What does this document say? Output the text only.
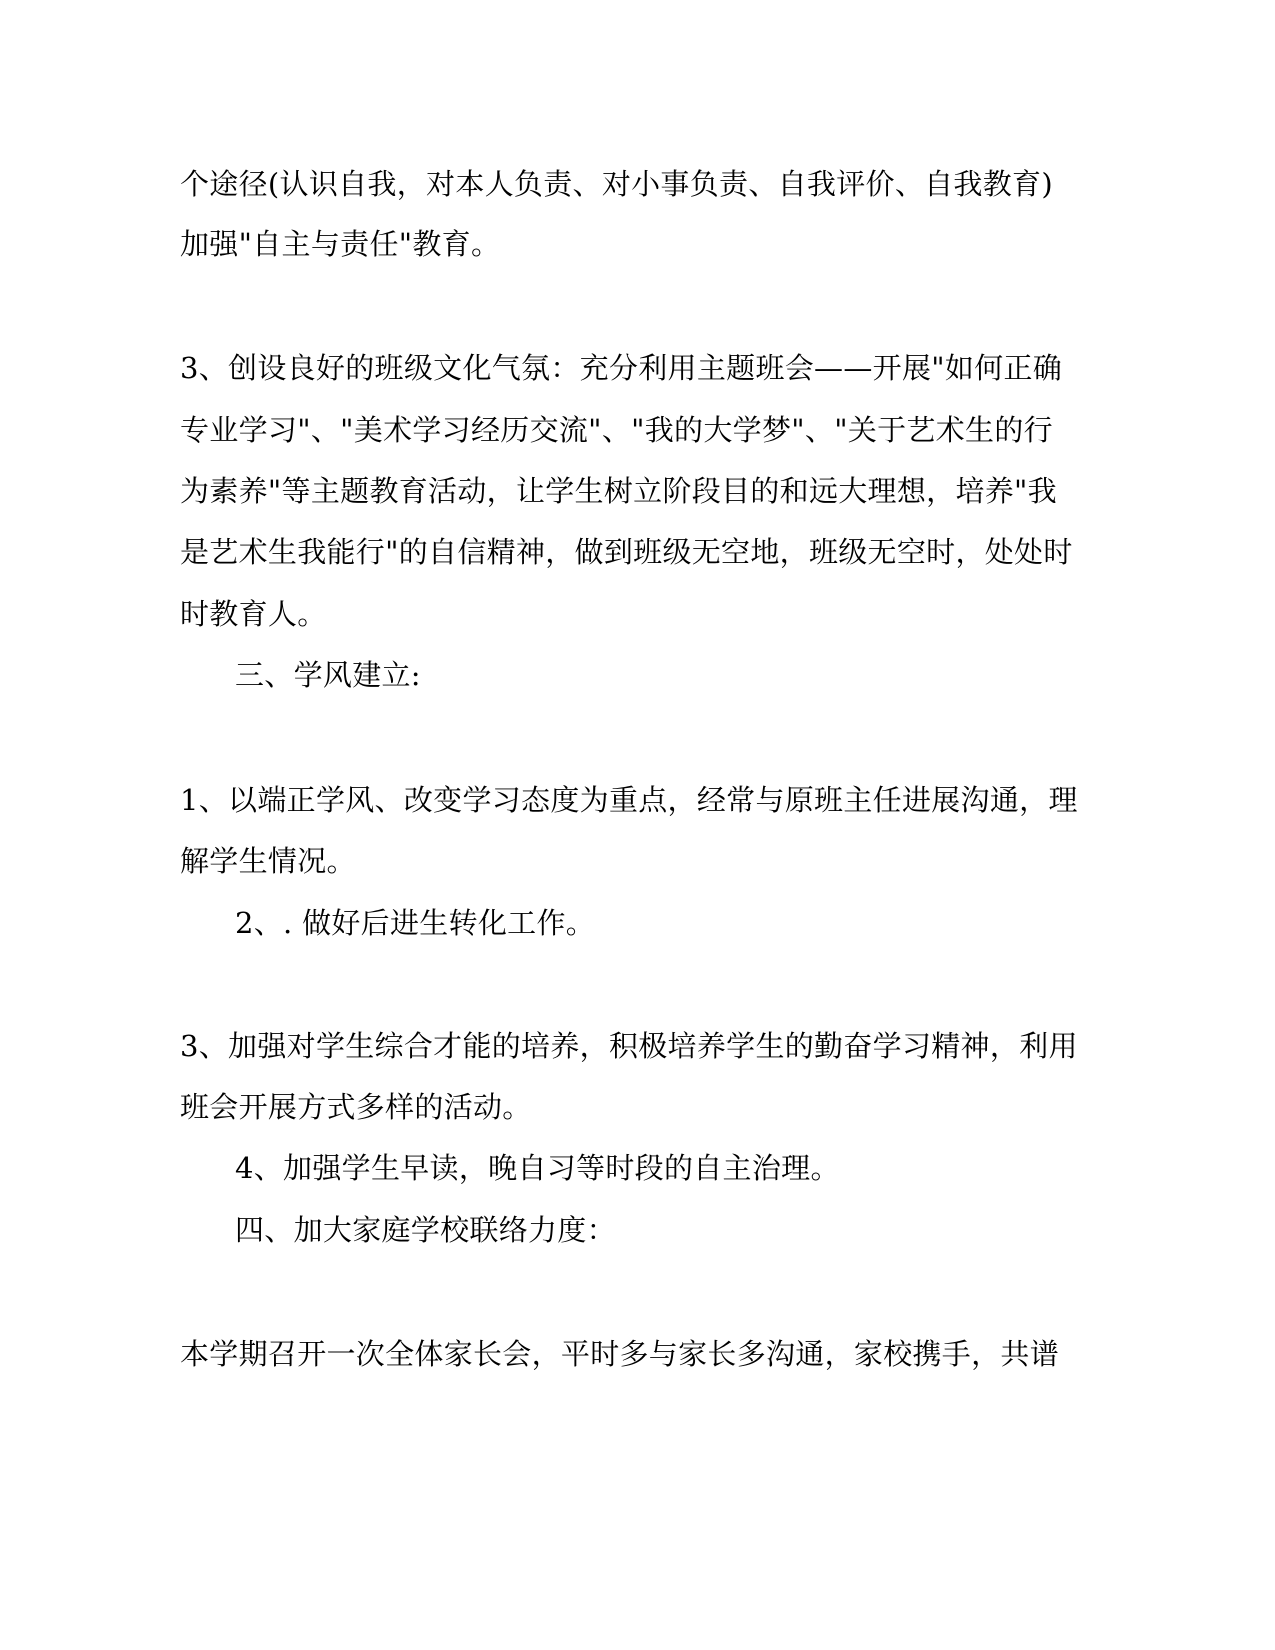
个途径(认识自我，对本人负责、对小事负责、自我评价、自我教育)

加强"自主与责任"教育。

3、创设良好的班级文化气氛：充分利用主题班会——开展"如何正确

专业学习"、"美术学习经历交流"、"我的大学梦"、"关于艺术生的行

为素养"等主题教育活动，让学生树立阶段目的和远大理想，培养"我

是艺术生我能行"的自信精神，做到班级无空地，班级无空时，处处时

时教育人。

三、学风建立:

1、以端正学风、改变学习态度为重点，经常与原班主任进展沟通，理

解学生情况。

2、. 做好后进生转化工作。

3、加强对学生综合才能的培养，积极培养学生的勤奋学习精神，利用

班会开展方式多样的活动。

4、加强学生早读，晚自习等时段的自主治理。

四、加大家庭学校联络力度：

本学期召开一次全体家长会，平时多与家长多沟通，家校携手，共谱
